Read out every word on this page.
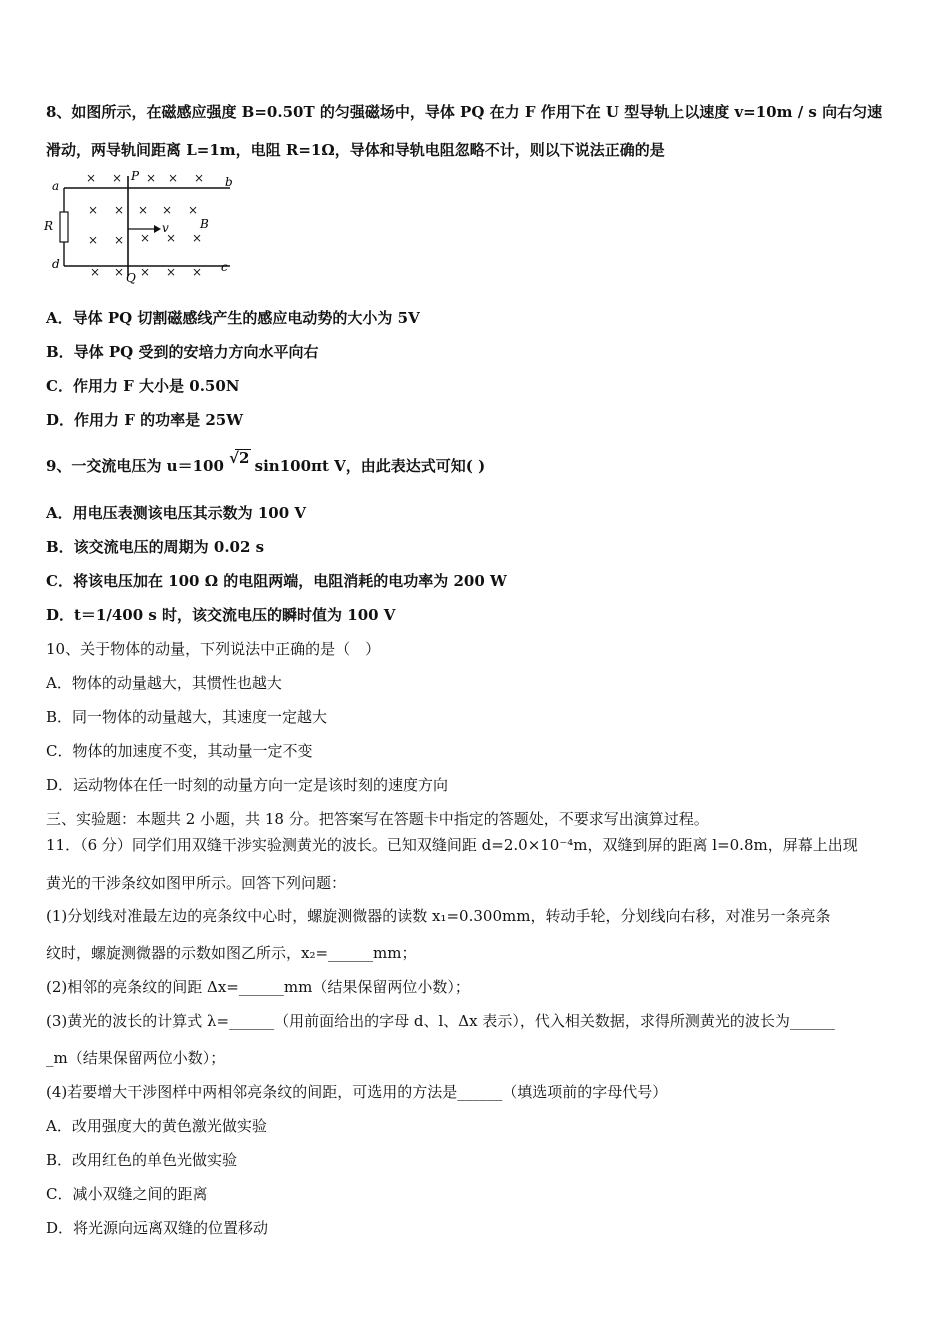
8、如图所示，在磁感应强度 B=0.50T 的匀强磁场中，导体 PQ 在力 F 作用下在 U 型导轨上以速度 v=10m / s 向右匀速
滑动，两导轨间距离 L=1m，电阻 R=1Ω，导体和导轨电阻忽略不计，则以下说法正确的是
a	b
c
d
P
Q
R	v	B
× × × × ×
× × × × ×
× × × × ×
× × × × ×
A．导体 PQ 切割磁感线产生的感应电动势的大小为 5V
B．导体 PQ 受到的安培力方向水平向右
C．作用力 F 大小是 0.50N
D．作用力 F 的功率是 25W
9、一交流电压为 u＝100 √2 sin100πt V，由此表达式可知( )
A．用电压表测该电压其示数为 100 V
B．该交流电压的周期为 0.02 s
C．将该电压加在 100 Ω 的电阻两端，电阻消耗的电功率为 200 W
D．t＝1/400 s 时，该交流电压的瞬时值为 100 V
10、关于物体的动量，下列说法中正确的是（　）
A．物体的动量越大，其惯性也越大
B．同一物体的动量越大，其速度一定越大
C．物体的加速度不变，其动量一定不变
D．运动物体在任一时刻的动量方向一定是该时刻的速度方向
三、实验题：本题共 2 小题，共 18 分。把答案写在答题卡中指定的答题处，不要求写出演算过程。
11．（6 分）同学们用双缝干涉实验测黄光的波长。已知双缝间距 d=2.0×10⁻⁴m，双缝到屏的距离 l=0.8m，屏幕上出现
黄光的干涉条纹如图甲所示。回答下列问题：
(1)分划线对准最左边的亮条纹中心时，螺旋测微器的读数 x₁=0.300mm，转动手轮，分划线向右移，对准另一条亮条
纹时，螺旋测微器的示数如图乙所示，x₂=______mm；
(2)相邻的亮条纹的间距 Δx=______mm（结果保留两位小数）；
(3)黄光的波长的计算式 λ=______（用前面给出的字母 d、l、Δx 表示），代入相关数据，求得所测黄光的波长为______
_m（结果保留两位小数）；
(4)若要增大干涉图样中两相邻亮条纹的间距，可选用的方法是______（填选项前的字母代号）
A．改用强度大的黄色激光做实验
B．改用红色的单色光做实验
C．减小双缝之间的距离
D．将光源向远离双缝的位置移动
